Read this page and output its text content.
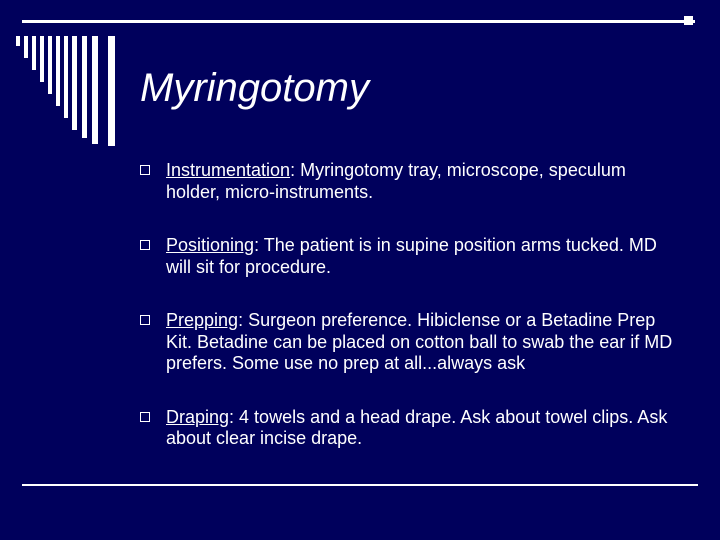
Myringotomy
Instrumentation: Myringotomy tray, microscope, speculum holder, micro-instruments.
Positioning: The patient is in supine position arms tucked. MD will sit for procedure.
Prepping: Surgeon preference. Hibiclense or a Betadine Prep Kit. Betadine can be placed on cotton ball to swab the ear if MD prefers. Some use no prep at all...always ask
Draping: 4 towels and a head drape. Ask about towel clips. Ask about clear incise drape.
